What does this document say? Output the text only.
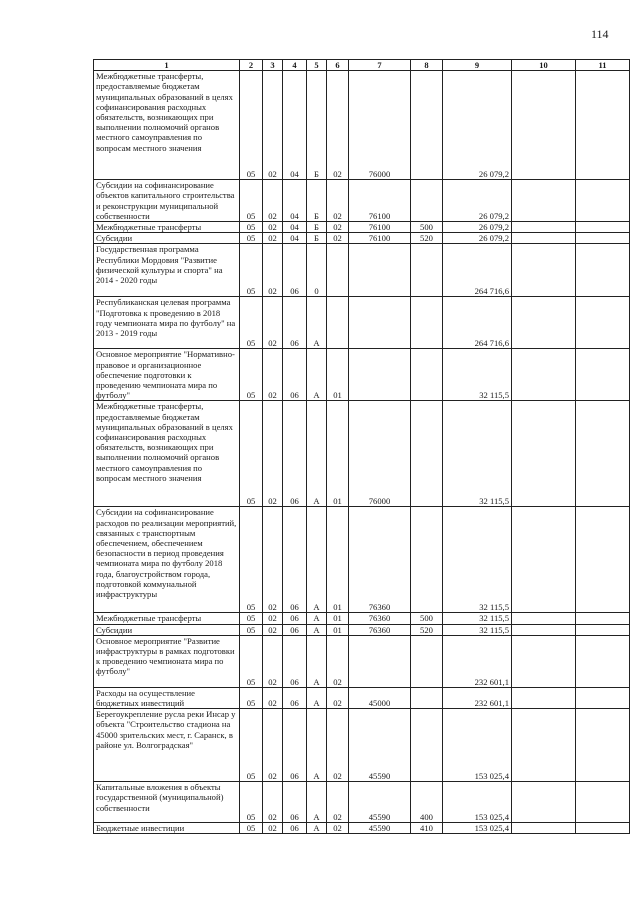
114
1	2	3	4	5	6	7	8	9	10	11
Межбюджетные трансферты, предоставляемые бюджетам муниципальных образований в целях софинансирования расходных обязательств, возникающих при выполнении полномочий органов местного самоуправления по вопросам местного значения	05	02	04	Б	02	76000		26 079,2		
Субсидии на софинансирование объектов капитального строительства и реконструкции муниципальной собственности	05	02	04	Б	02	76100		26 079,2		
Межбюджетные трансферты	05	02	04	Б	02	76100	500	26 079,2		
Субсидии	05	02	04	Б	02	76100	520	26 079,2		
Государственная программа Республики Мордовия "Развитие физической культуры и спорта" на 2014 - 2020 годы	05	02	06	0				264 716,6		
Республиканская целевая программа "Подготовка к проведению в 2018 году чемпионата мира по футболу" на 2013 - 2019 годы	05	02	06	А				264 716,6		
Основное мероприятие "Нормативно-правовое и организационное обеспечение подготовки к проведению чемпионата мира по футболу"	05	02	06	А	01			32 115,5		
Межбюджетные трансферты, предоставляемые бюджетам муниципальных образований в целях софинансирования расходных обязательств, возникающих при выполнении полномочий органов местного самоуправления по вопросам местного значения	05	02	06	А	01	76000		32 115,5		
Субсидии на софинансирование расходов по реализации мероприятий, связанных с транспортным обеспечением, обеспечением безопасности в период проведения чемпионата мира по футболу 2018 года, благоустройством города, подготовкой коммунальной инфраструктуры	05	02	06	А	01	76360		32 115,5		
Межбюджетные трансферты	05	02	06	А	01	76360	500	32 115,5		
Субсидии	05	02	06	А	01	76360	520	32 115,5		
Основное мероприятие "Развитие инфраструктуры в рамках подготовки к проведению чемпионата мира по футболу"	05	02	06	А	02			232 601,1		
Расходы на осуществление бюджетных инвестиций	05	02	06	А	02	45000		232 601,1		
Берегоукрепление русла реки Инсар у объекта "Строительство стадиона на 45000 зрительских мест, г. Саранск, в районе ул. Волгоградская"	05	02	06	А	02	45590		153 025,4		
Капитальные вложения в объекты государственной (муниципальной) собственности	05	02	06	А	02	45590	400	153 025,4		
Бюджетные инвестиции	05	02	06	А	02	45590	410	153 025,4		
